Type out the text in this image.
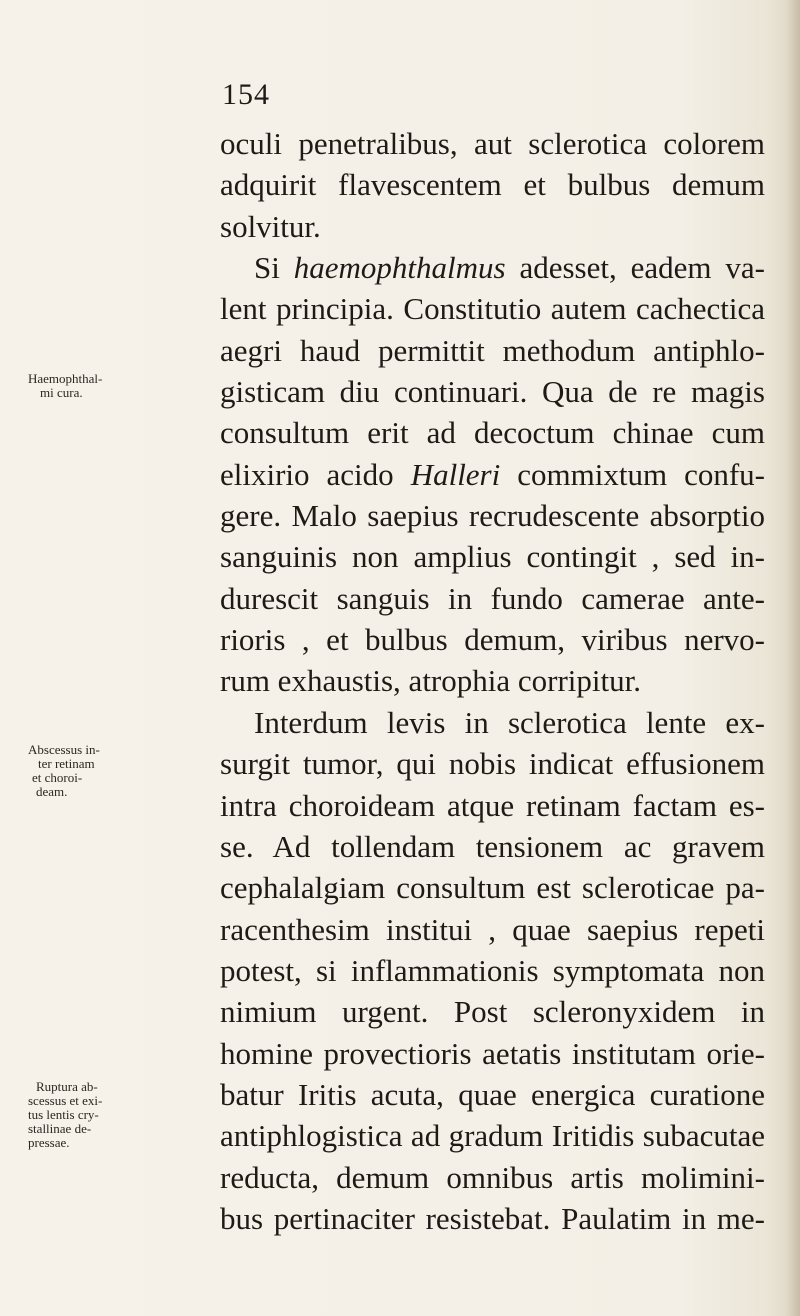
154
oculi penetralibus, aut sclerotica colorem
adquirit flavescentem et bulbus demum
solvitur.
Si haemophthalmus adesset, eadem va-
lent principia. Constitutio autem cachectica
aegri haud permittit methodum antiphlo-
gisticam diu continuari. Qua de re magis
consultum erit ad decoctum chinae cum
elixirio acido Halleri commixtum confu-
gere. Malo saepius recrudescente absorptio
sanguinis non amplius contingit , sed in-
durescit sanguis in fundo camerae ante-
rioris , et bulbus demum, viribus nervo-
rum exhaustis, atrophia corripitur.
Interdum levis in sclerotica lente ex-
surgit tumor, qui nobis indicat effusionem
intra choroideam atque retinam factam es-
se. Ad tollendam tensionem ac gravem
cephalalgiam consultum est scleroticae pa-
racenthesim institui , quae saepius repeti
potest, si inflammationis symptomata non
nimium urgent. Post scleronyxidem in
homine provectioris aetatis institutam orie-
batur Iritis acuta, quae energica curatione
antiphlogistica ad gradum Iritidis subacutae
reducta, demum omnibus artis molimini-
bus pertinaciter resistebat. Paulatim in me-
Haemophthal-
mi cura.
Abscessus in-
ter retinam
et choroi-
deam.
Ruptura ab-
scessus et exi-
tus lentis cry-
stallinae de-
pressae.
